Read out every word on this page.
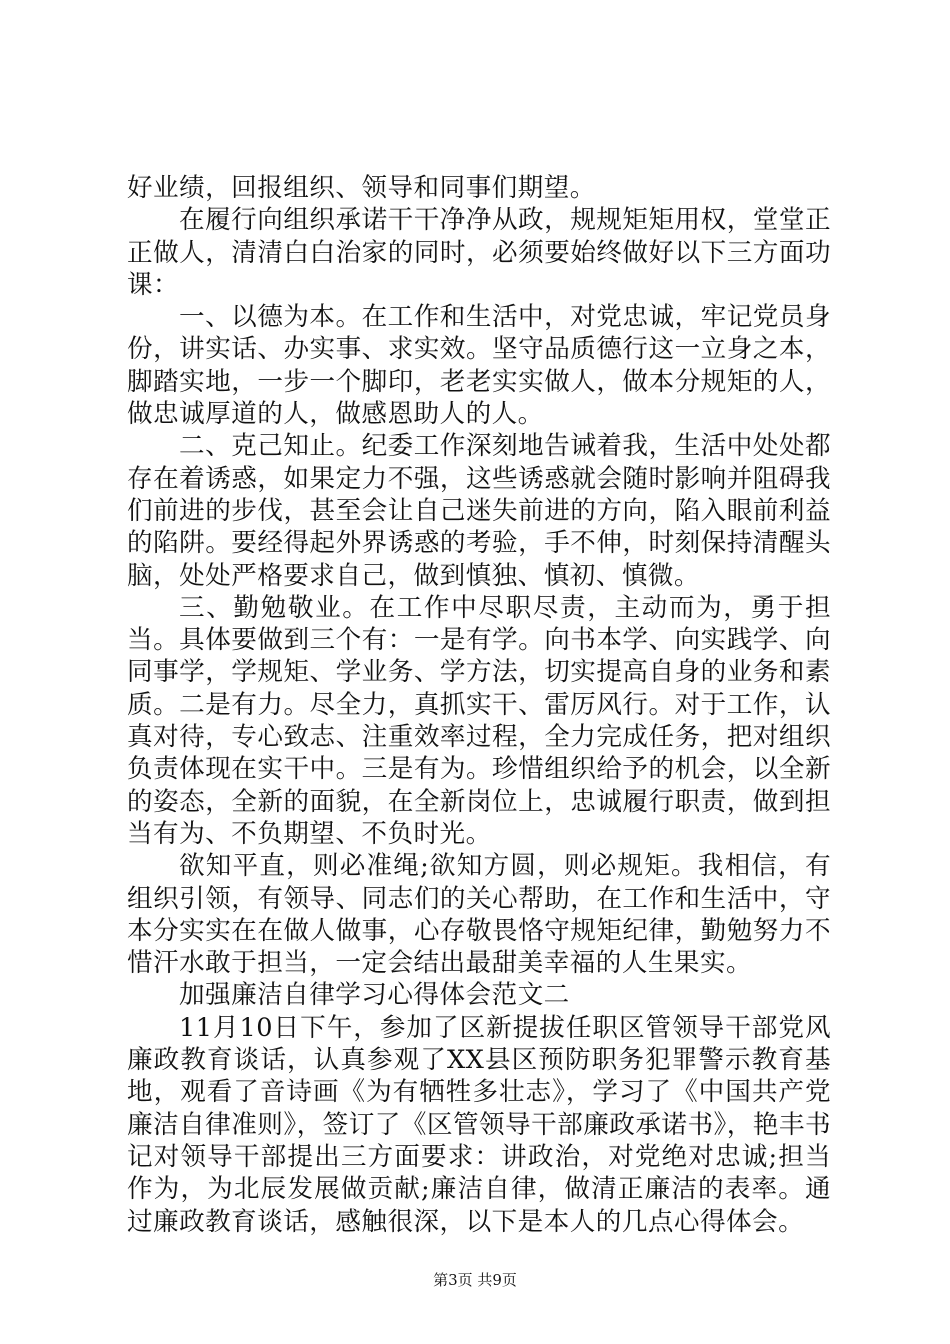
好业绩，回报组织、领导和同事们期望。

在履行向组织承诺干干净净从政，规规矩矩用权，堂堂正正做人，清清白白治家的同时，必须要始终做好以下三方面功课：

一、以德为本。在工作和生活中，对党忠诚，牢记党员身份，讲实话、办实事、求实效。坚守品质德行这一立身之本，脚踏实地，一步一个脚印，老老实实做人，做本分规矩的人，做忠诚厚道的人，做感恩助人的人。

二、克己知止。纪委工作深刻地告诫着我，生活中处处都存在着诱惑，如果定力不强，这些诱惑就会随时影响并阻碍我们前进的步伐，甚至会让自己迷失前进的方向，陷入眼前利益的陷阱。要经得起外界诱惑的考验，手不伸，时刻保持清醒头脑，处处严格要求自己，做到慎独、慎初、慎微。

三、勤勉敬业。在工作中尽职尽责，主动而为，勇于担当。具体要做到三个有：一是有学。向书本学、向实践学、向同事学，学规矩、学业务、学方法，切实提高自身的业务和素质。二是有力。尽全力，真抓实干、雷厉风行。对于工作，认真对待，专心致志、注重效率过程，全力完成任务，把对组织负责体现在实干中。三是有为。珍惜组织给予的机会，以全新的姿态，全新的面貌，在全新岗位上，忠诚履行职责，做到担当有为、不负期望、不负时光。

欲知平直，则必准绳;欲知方圆，则必规矩。我相信，有组织引领，有领导、同志们的关心帮助，在工作和生活中，守本分实实在在做人做事，心存敬畏恪守规矩纪律，勤勉努力不惜汗水敢于担当，一定会结出最甜美幸福的人生果实。

加强廉洁自律学习心得体会范文二

11月10日下午，参加了区新提拔任职区管领导干部党风廉政教育谈话，认真参观了XX县区预防职务犯罪警示教育基地，观看了音诗画《为有牺牲多壮志》，学习了《中国共产党廉洁自律准则》，签订了《区管领导干部廉政承诺书》，艳丰书记对领导干部提出三方面要求：讲政治，对党绝对忠诚;担当作为，为北辰发展做贡献;廉洁自律，做清正廉洁的表率。通过廉政教育谈话，感触很深，以下是本人的几点心得体会。

第3页 共9页
